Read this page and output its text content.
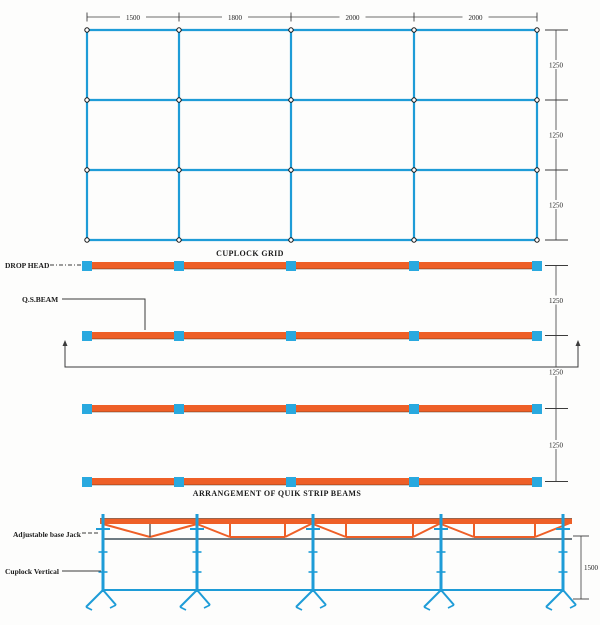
1500	1800	2000	2000
1250
1250
1250
CUPLOCK GRID
1250
1250
1250
DROP HEAD
Q.S.BEAM
ARRANGEMENT OF QUIK STRIP BEAMS
Adjustable base Jack
Cuplock Vertical	1500
